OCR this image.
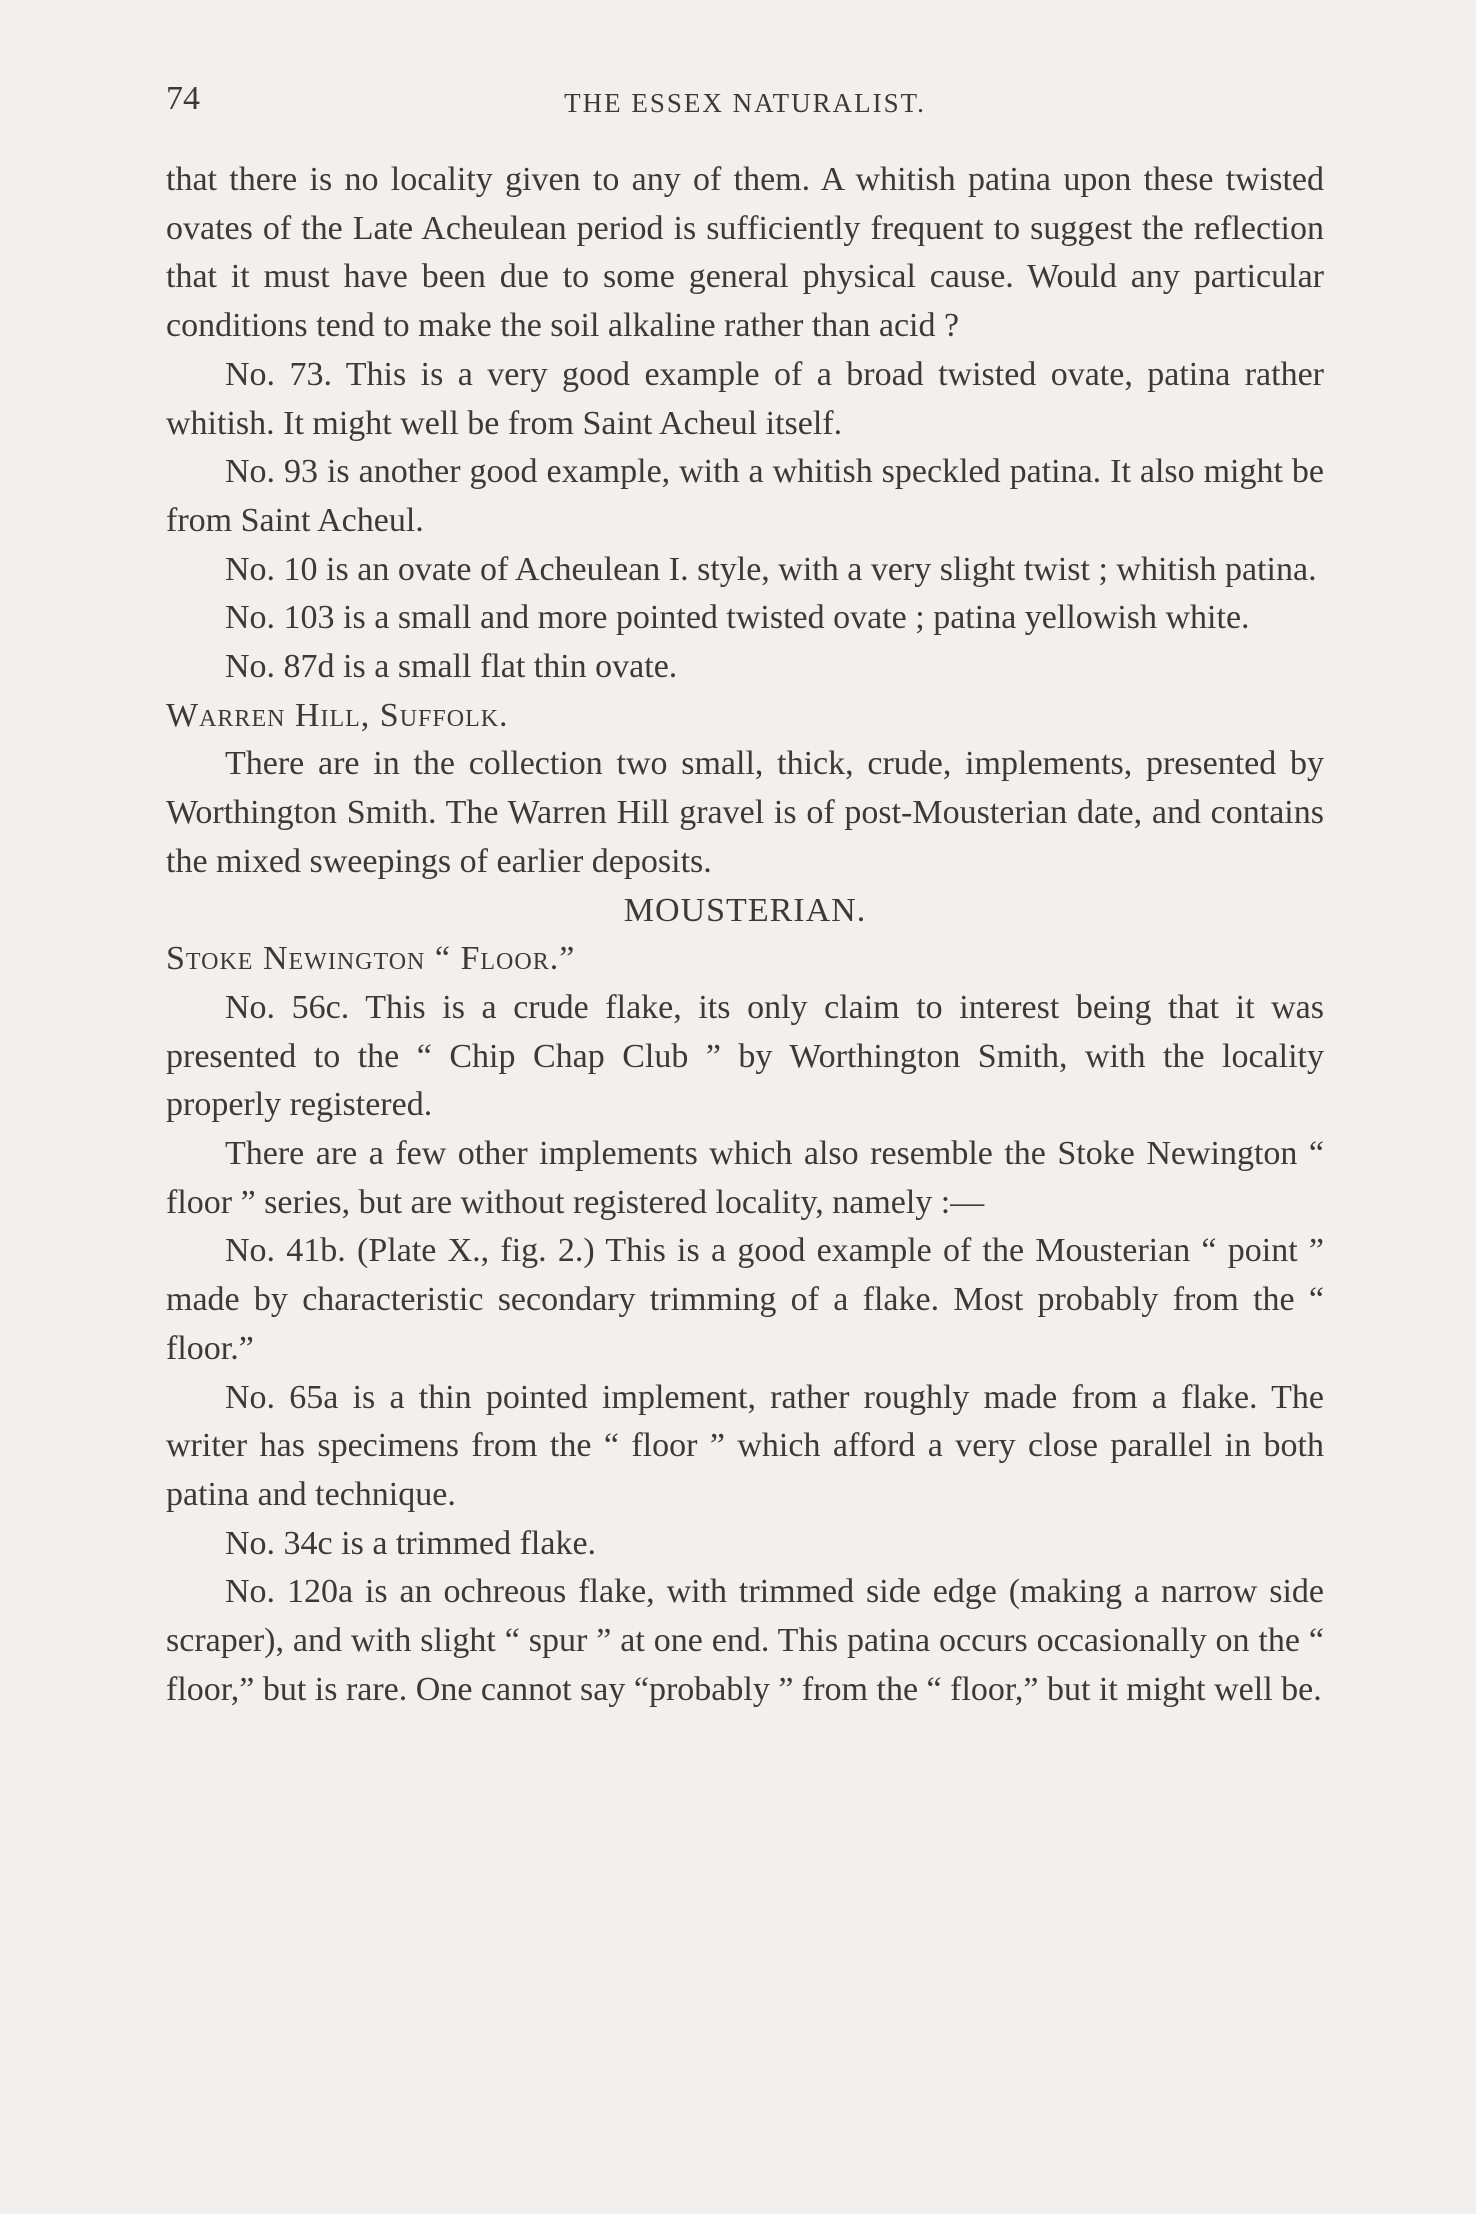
74	THE ESSEX NATURALIST.

that there is no locality given to any of them. A whitish patina upon these twisted ovates of the Late Acheulean period is sufficiently frequent to suggest the reflection that it must have been due to some general physical cause. Would any particular conditions tend to make the soil alkaline rather than acid ?

No. 73. This is a very good example of a broad twisted ovate, patina rather whitish. It might well be from Saint Acheul itself.

No. 93 is another good example, with a whitish speckled patina. It also might be from Saint Acheul.

No. 10 is an ovate of Acheulean I. style, with a very slight twist ; whitish patina.

No. 103 is a small and more pointed twisted ovate ; patina yellowish white.

No. 87d is a small flat thin ovate.

Warren Hill, Suffolk.

There are in the collection two small, thick, crude, implements, presented by Worthington Smith. The Warren Hill gravel is of post-Mousterian date, and contains the mixed sweepings of earlier deposits.

MOUSTERIAN.

Stoke Newington “ Floor.”

No. 56c. This is a crude flake, its only claim to interest being that it was presented to the “ Chip Chap Club ” by Worthington Smith, with the locality properly registered.

There are a few other implements which also resemble the Stoke Newington “ floor ” series, but are without registered locality, namely :—

No. 41b. (Plate X., fig. 2.) This is a good example of the Mousterian “ point ” made by characteristic secondary trimming of a flake. Most probably from the “ floor.”

No. 65a is a thin pointed implement, rather roughly made from a flake. The writer has specimens from the “ floor ” which afford a very close parallel in both patina and technique.

No. 34c is a trimmed flake.

No. 120a is an ochreous flake, with trimmed side edge (making a narrow side scraper), and with slight “ spur ” at one end. This patina occurs occasionally on the “ floor,” but is rare. One cannot say “probably ” from the “ floor,” but it might well be.
